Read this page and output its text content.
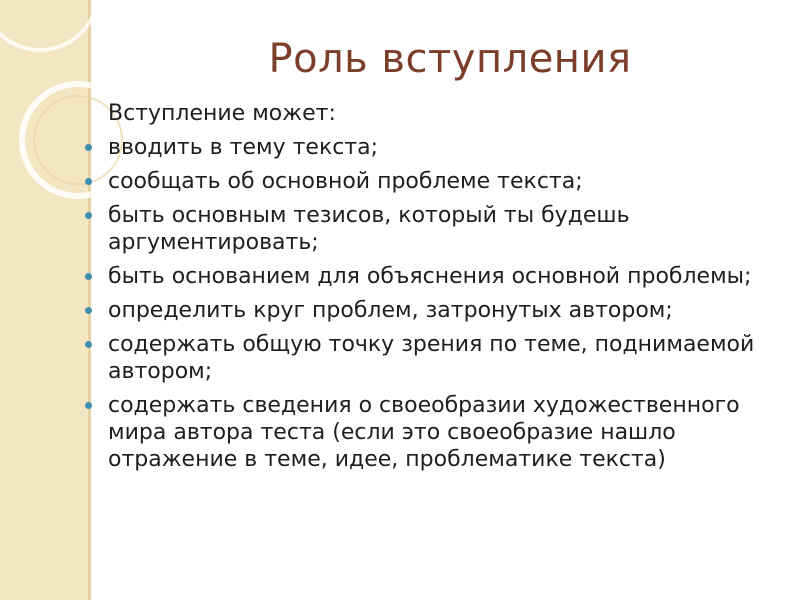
Роль вступления

Вступление может:

вводить в тему текста;
сообщать об основной проблеме текста;
быть основным тезисов, который ты будешь аргументировать;
быть основанием для объяснения основной проблемы;
определить круг проблем, затронутых автором;
содержать общую точку зрения по теме, поднимаемой автором;
содержать сведения о своеобразии художественного мира автора теста (если это своеобразие нашло отражение в теме, идее, проблематике текста)
